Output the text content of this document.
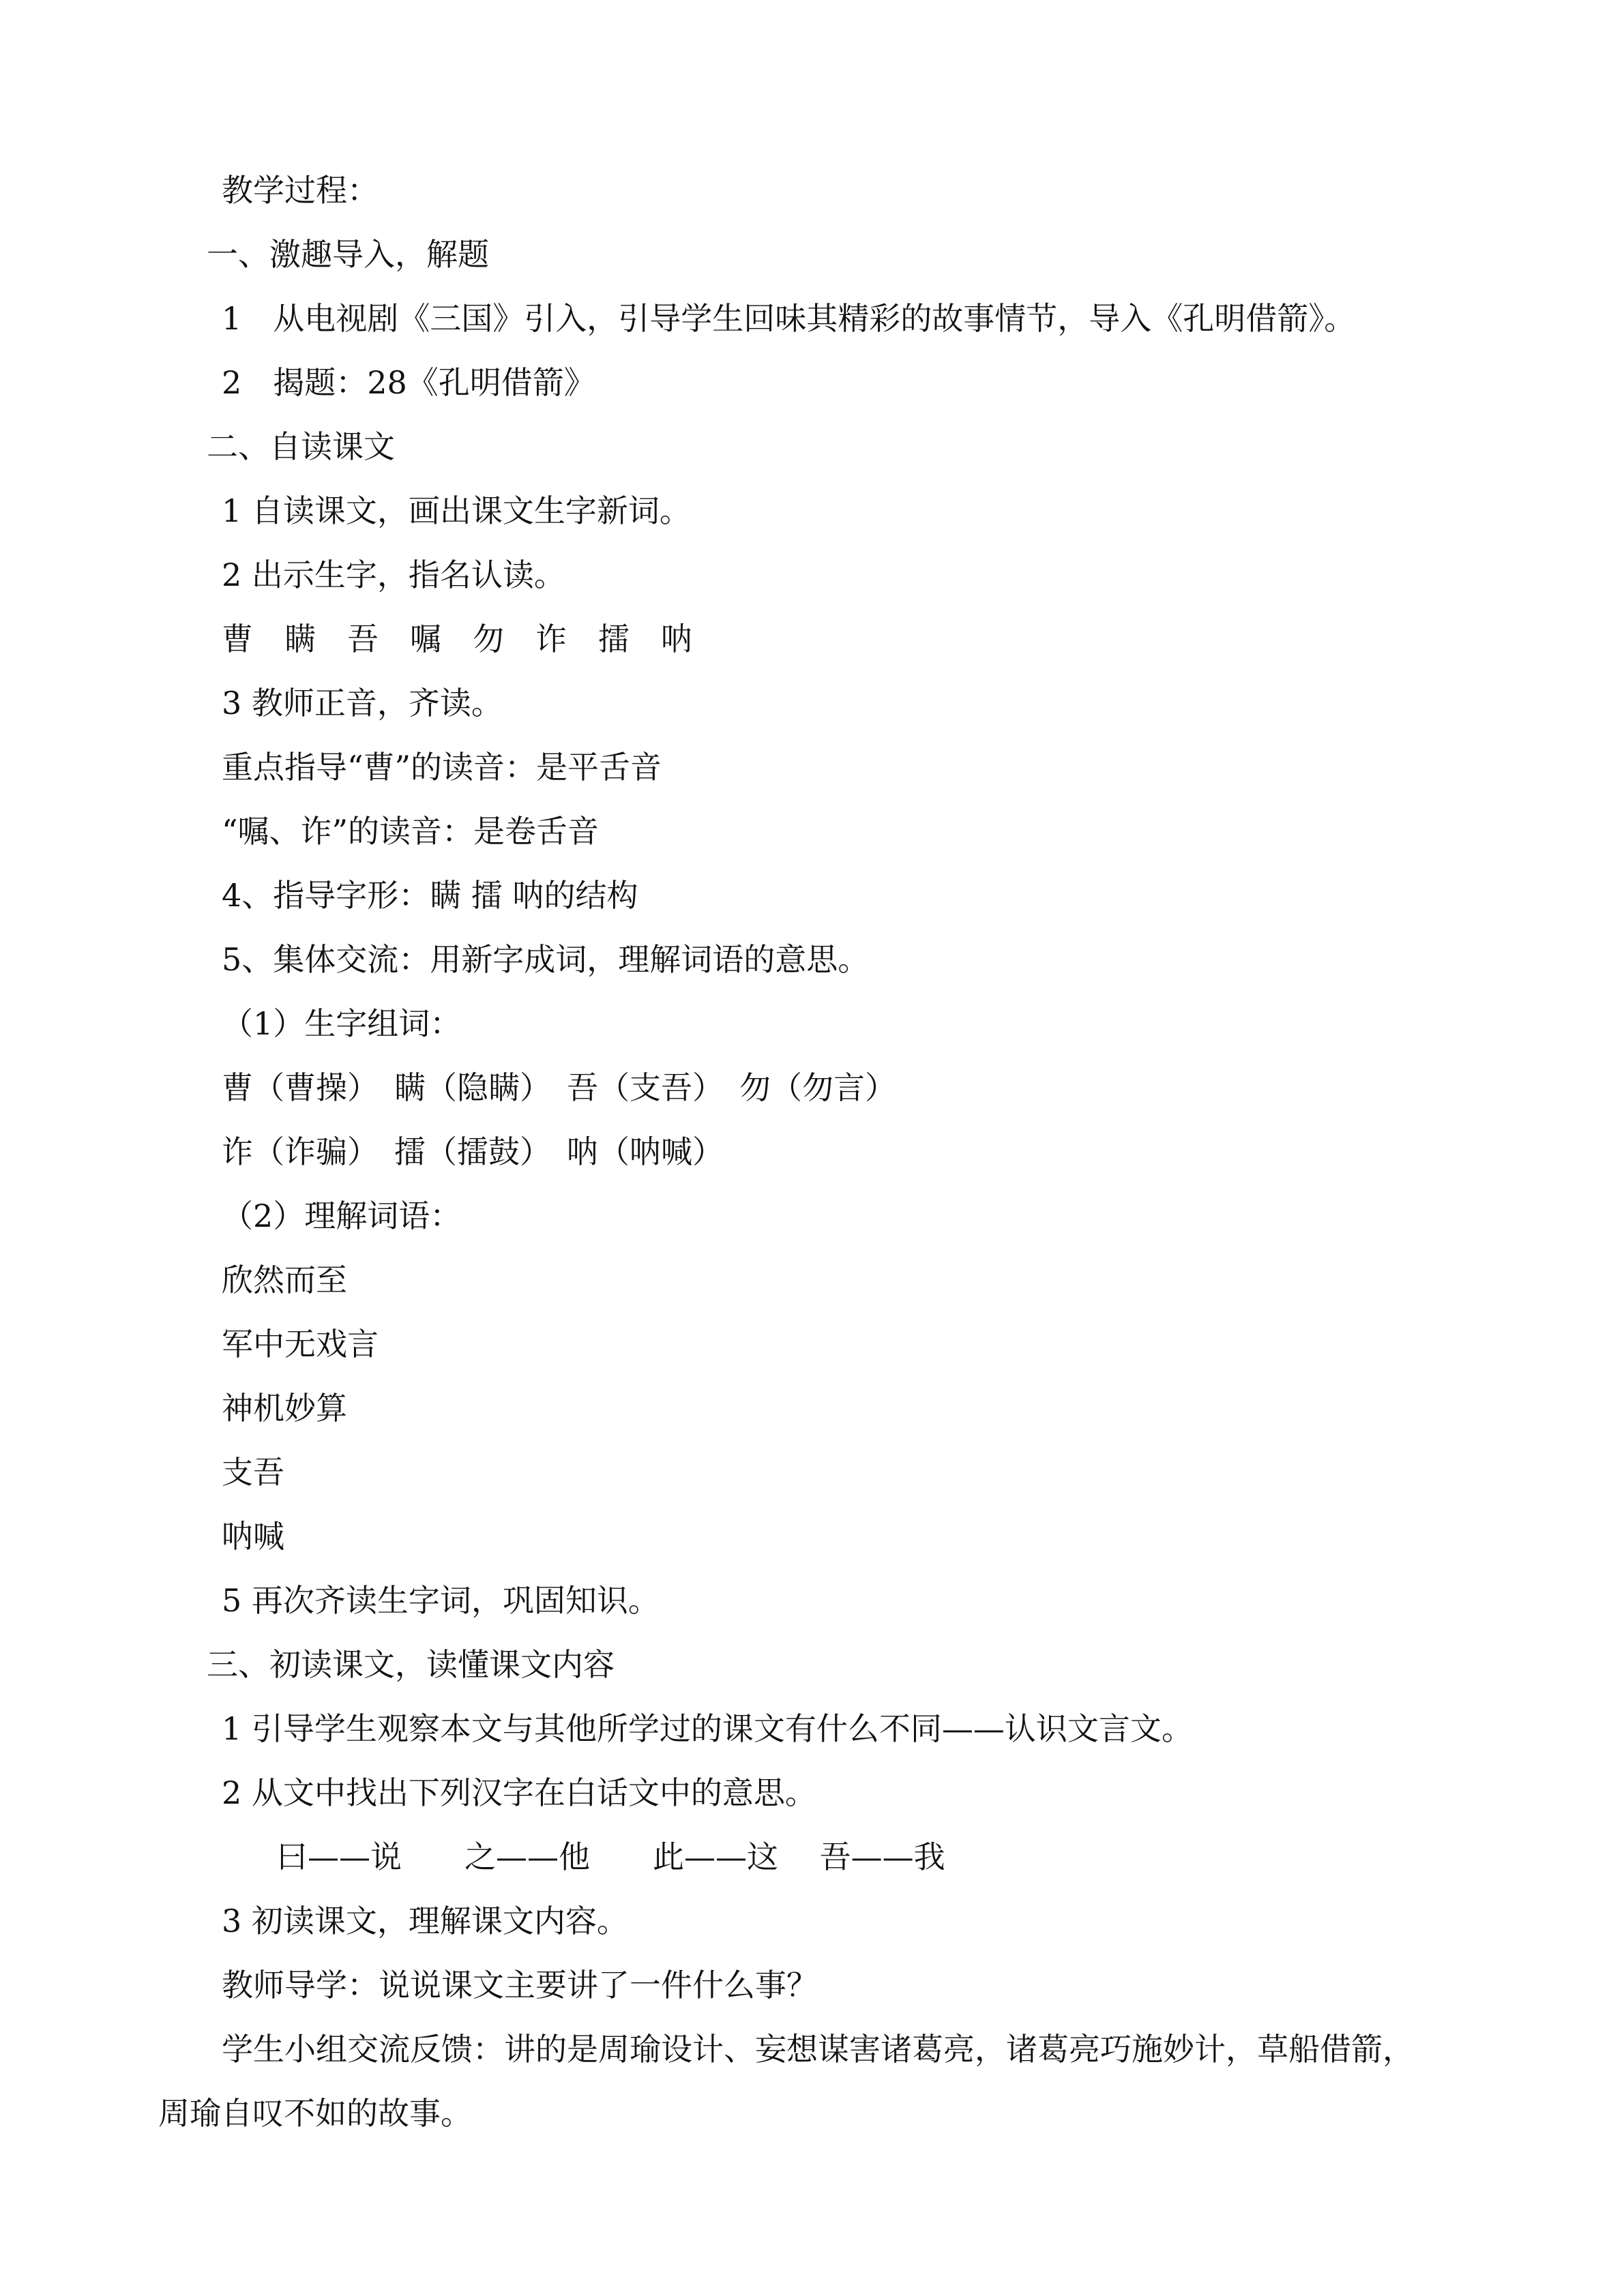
教学过程：
一、激趣导入，解题
1　从电视剧《三国》引入，引导学生回味其精彩的故事情节，导入《孔明借箭》。
2　揭题：28《孔明借箭》
二、自读课文
1 自读课文，画出课文生字新词。
2 出示生字，指名认读。
曹　瞒　吾　嘱　勿　诈　擂　呐
3 教师正音，齐读。
重点指导“曹”的读音：是平舌音
“嘱、诈”的读音：是卷舌音
4、指导字形：瞒 擂 呐的结构
5、集体交流：用新字成词，理解词语的意思。
（1）生字组词：
曹（曹操）　瞒（隐瞒）　吾（支吾）　勿（勿言）
诈（诈骗）　擂（擂鼓）　呐（呐喊）
（2）理解词语：
欣然而至
军中无戏言
神机妙算
支吾
呐喊
5 再次齐读生字词，巩固知识。
三、初读课文，读懂课文内容
1 引导学生观察本文与其他所学过的课文有什么不同——认识文言文。
2 从文中找出下列汉字在白话文中的意思。
曰——说　　之——他　　此——这　 吾——我
3 初读课文，理解课文内容。
教师导学：说说课文主要讲了一件什么事？
学生小组交流反馈：讲的是周瑜设计、妄想谋害诸葛亮，诸葛亮巧施妙计，草船借箭，
周瑜自叹不如的故事。
